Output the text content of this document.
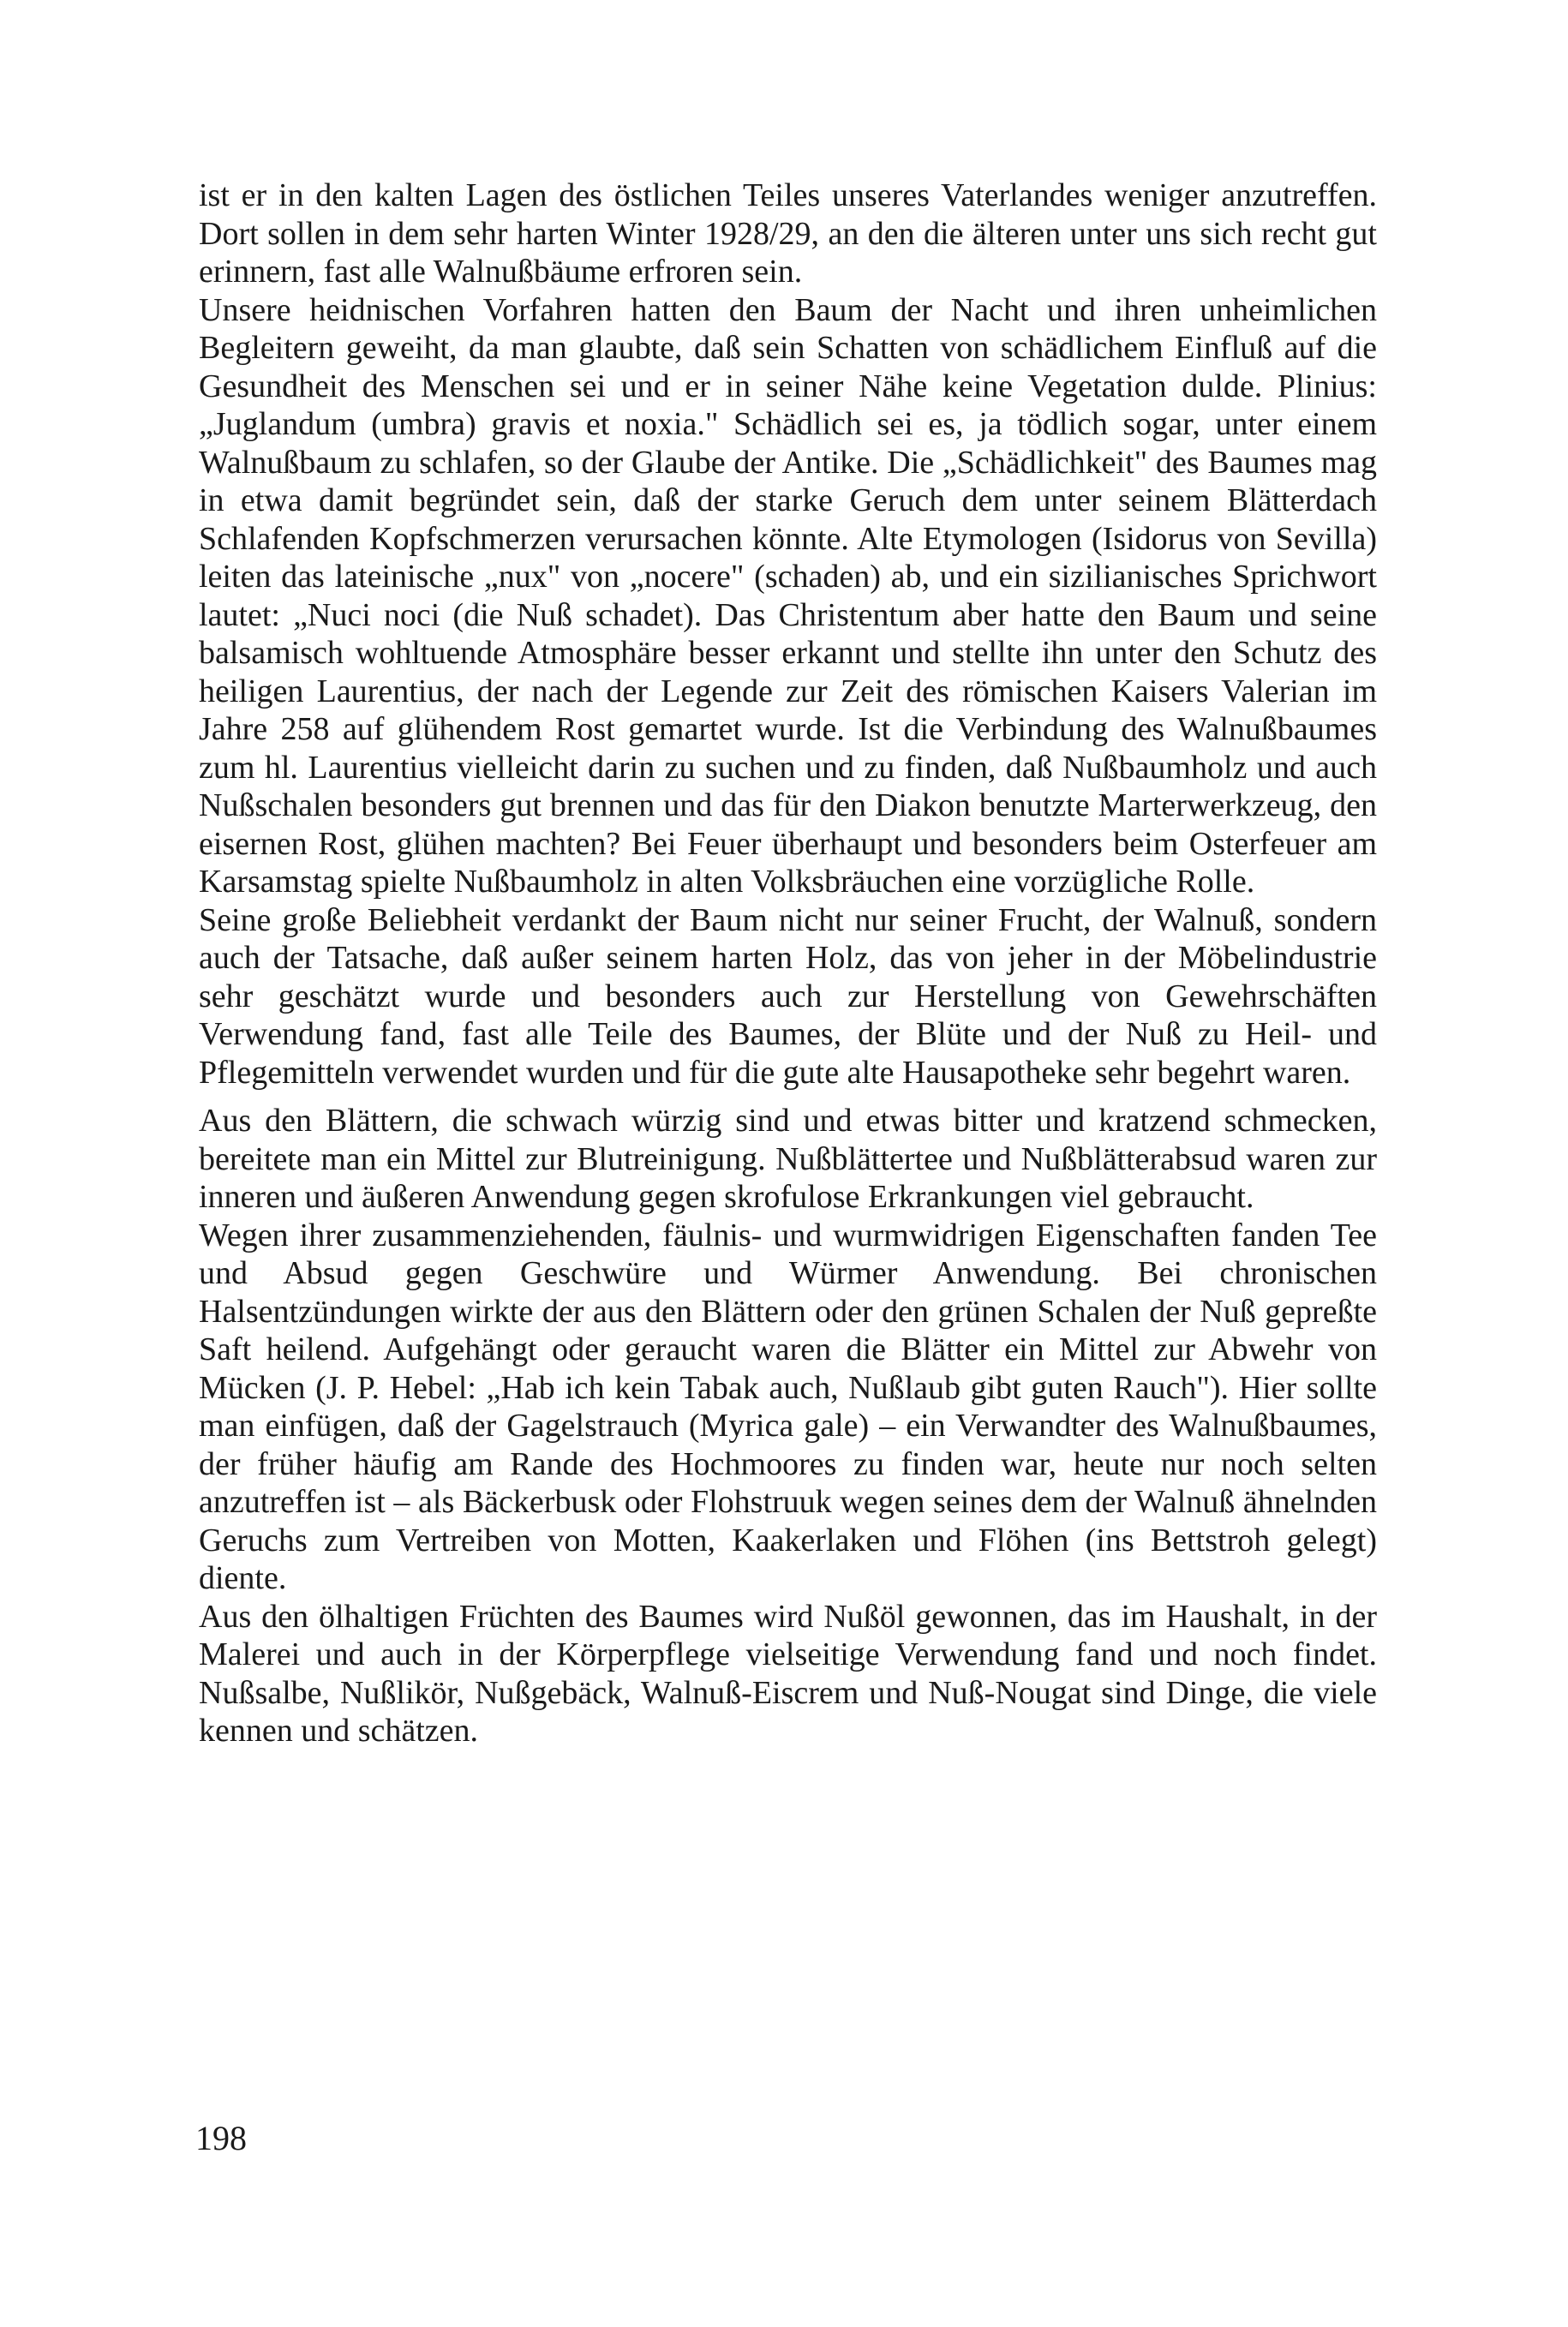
ist er in den kalten Lagen des östlichen Teiles unseres Vaterlandes weniger anzutreffen. Dort sollen in dem sehr harten Winter 1928/29, an den die älteren unter uns sich recht gut erinnern, fast alle Walnußbäume erfroren sein.

Unsere heidnischen Vorfahren hatten den Baum der Nacht und ihren unheimlichen Begleitern geweiht, da man glaubte, daß sein Schatten von schädlichem Einfluß auf die Gesundheit des Menschen sei und er in seiner Nähe keine Vegetation dulde. Plinius: „Juglandum (umbra) gravis et noxia." Schädlich sei es, ja tödlich sogar, unter einem Walnußbaum zu schlafen, so der Glaube der Antike. Die „Schädlichkeit" des Baumes mag in etwa damit begründet sein, daß der starke Geruch dem unter seinem Blätterdach Schlafenden Kopfschmerzen verursachen könnte. Alte Etymologen (Isidorus von Sevilla) leiten das lateinische „nux" von „nocere" (schaden) ab, und ein sizilianisches Sprichwort lautet: „Nuci noci (die Nuß schadet). Das Christentum aber hatte den Baum und seine balsamisch wohltuende Atmosphäre besser erkannt und stellte ihn unter den Schutz des heiligen Laurentius, der nach der Legende zur Zeit des römischen Kaisers Valerian im Jahre 258 auf glühendem Rost gemartet wurde. Ist die Verbindung des Walnußbaumes zum hl. Laurentius vielleicht darin zu suchen und zu finden, daß Nußbaumholz und auch Nußschalen besonders gut brennen und das für den Diakon benutzte Marterwerkzeug, den eisernen Rost, glühen machten? Bei Feuer überhaupt und besonders beim Osterfeuer am Karsamstag spielte Nußbaumholz in alten Volksbräuchen eine vorzügliche Rolle.

Seine große Beliebheit verdankt der Baum nicht nur seiner Frucht, der Walnuß, sondern auch der Tatsache, daß außer seinem harten Holz, das von jeher in der Möbelindustrie sehr geschätzt wurde und besonders auch zur Herstellung von Gewehrschäften Verwendung fand, fast alle Teile des Baumes, der Blüte und der Nuß zu Heil- und Pflegemitteln verwendet wurden und für die gute alte Hausapotheke sehr begehrt waren.

Aus den Blättern, die schwach würzig sind und etwas bitter und kratzend schmecken, bereitete man ein Mittel zur Blutreinigung. Nußblättertee und Nußblätterabsud waren zur inneren und äußeren Anwendung gegen skrofulose Erkrankungen viel gebraucht.

Wegen ihrer zusammenziehenden, fäulnis- und wurmwidrigen Eigenschaften fanden Tee und Absud gegen Geschwüre und Würmer Anwendung. Bei chronischen Halsentzündungen wirkte der aus den Blättern oder den grünen Schalen der Nuß gepreßte Saft heilend. Aufgehängt oder geraucht waren die Blätter ein Mittel zur Abwehr von Mücken (J. P. Hebel: „Hab ich kein Tabak auch, Nußlaub gibt guten Rauch"). Hier sollte man einfügen, daß der Gagelstrauch (Myrica gale) – ein Verwandter des Walnußbaumes, der früher häufig am Rande des Hochmoores zu finden war, heute nur noch selten anzutreffen ist – als Bäckerbusk oder Flohstruuk wegen seines dem der Walnuß ähnelnden Geruchs zum Vertreiben von Motten, Kaakerlaken und Flöhen (ins Bettstroh gelegt) diente.

Aus den ölhaltigen Früchten des Baumes wird Nußöl gewonnen, das im Haushalt, in der Malerei und auch in der Körperpflege vielseitige Verwendung fand und noch findet. Nußsalbe, Nußlikör, Nußgebäck, Walnuß-Eiscrem und Nuß-Nougat sind Dinge, die viele kennen und schätzen.

198
